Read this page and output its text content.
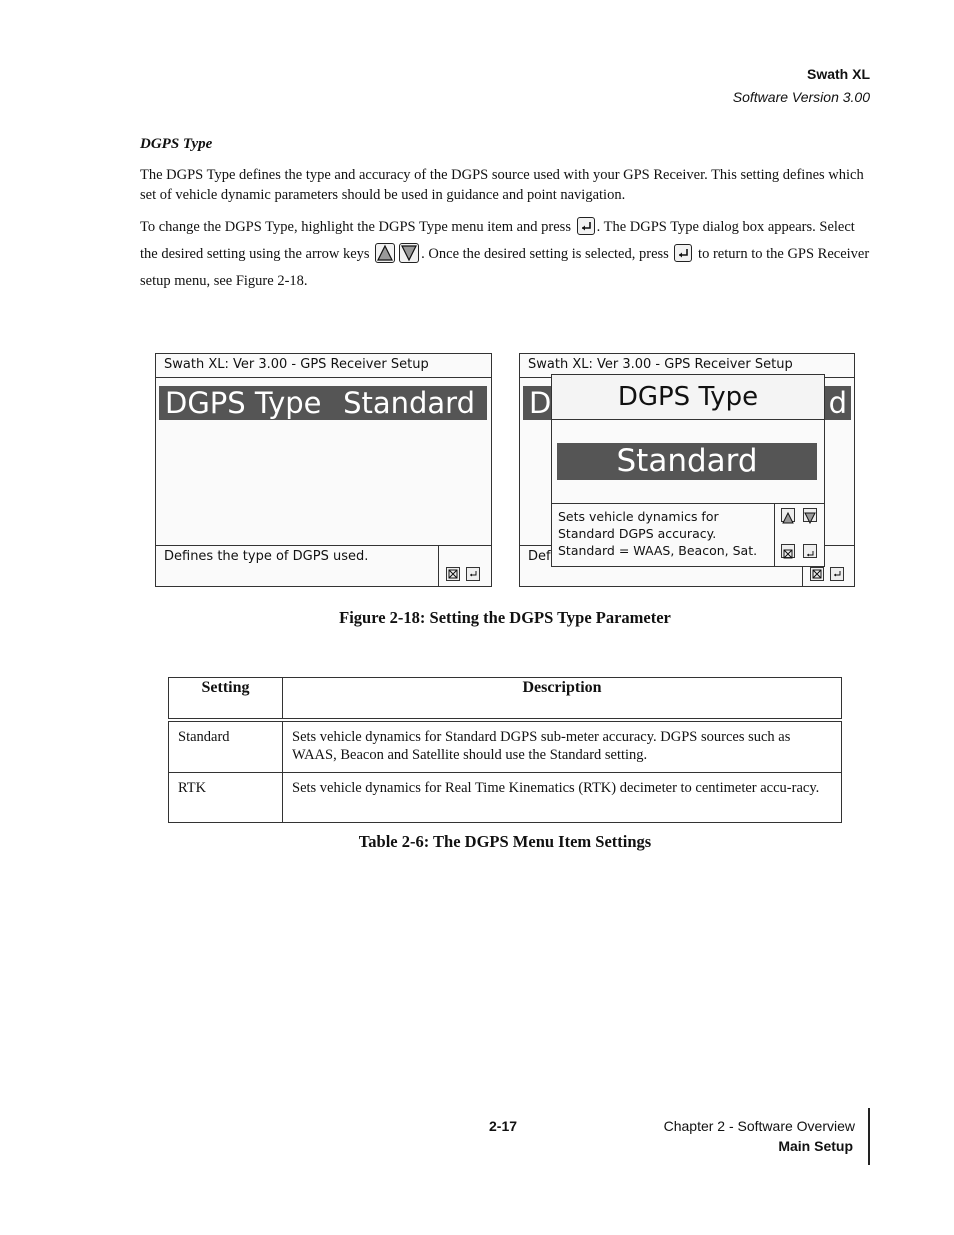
Swath XL
Software Version 3.00
DGPS Type
The DGPS Type defines the type and accuracy of the DGPS source used with your GPS Receiver. This setting defines which set of vehicle dynamic parameters should be used in guidance and point navigation.
To change the DGPS Type, highlight the DGPS Type menu item and press . The DGPS Type dialog box appears. Select the desired setting using the arrow keys	. Once the desired setting is selected, press to return to the GPS Receiver setup menu, see Figure 2-18.
Swath XL: Ver 3.00 - GPS Receiver Setup
DGPS Type Standard
Defines the type of DGPS used.
Swath XL: Ver 3.00 - GPS Receiver Setup
D	d
Def
DGPS Type
Standard
Sets vehicle dynamics for
Standard DGPS accuracy.
Standard = WAAS, Beacon, Sat.
Figure 2-18: Setting the DGPS Type Parameter
Setting	Description
Standard	Sets vehicle dynamics for Standard DGPS sub-meter accuracy. DGPS sources such as WAAS, Beacon and Satellite should use the Standard setting.
RTK	Sets vehicle dynamics for Real Time Kinematics (RTK) decimeter to centimeter accu-racy.
Table 2-6: The DGPS Menu Item Settings
2-17	Chapter 2 - Software Overview
Main Setup
